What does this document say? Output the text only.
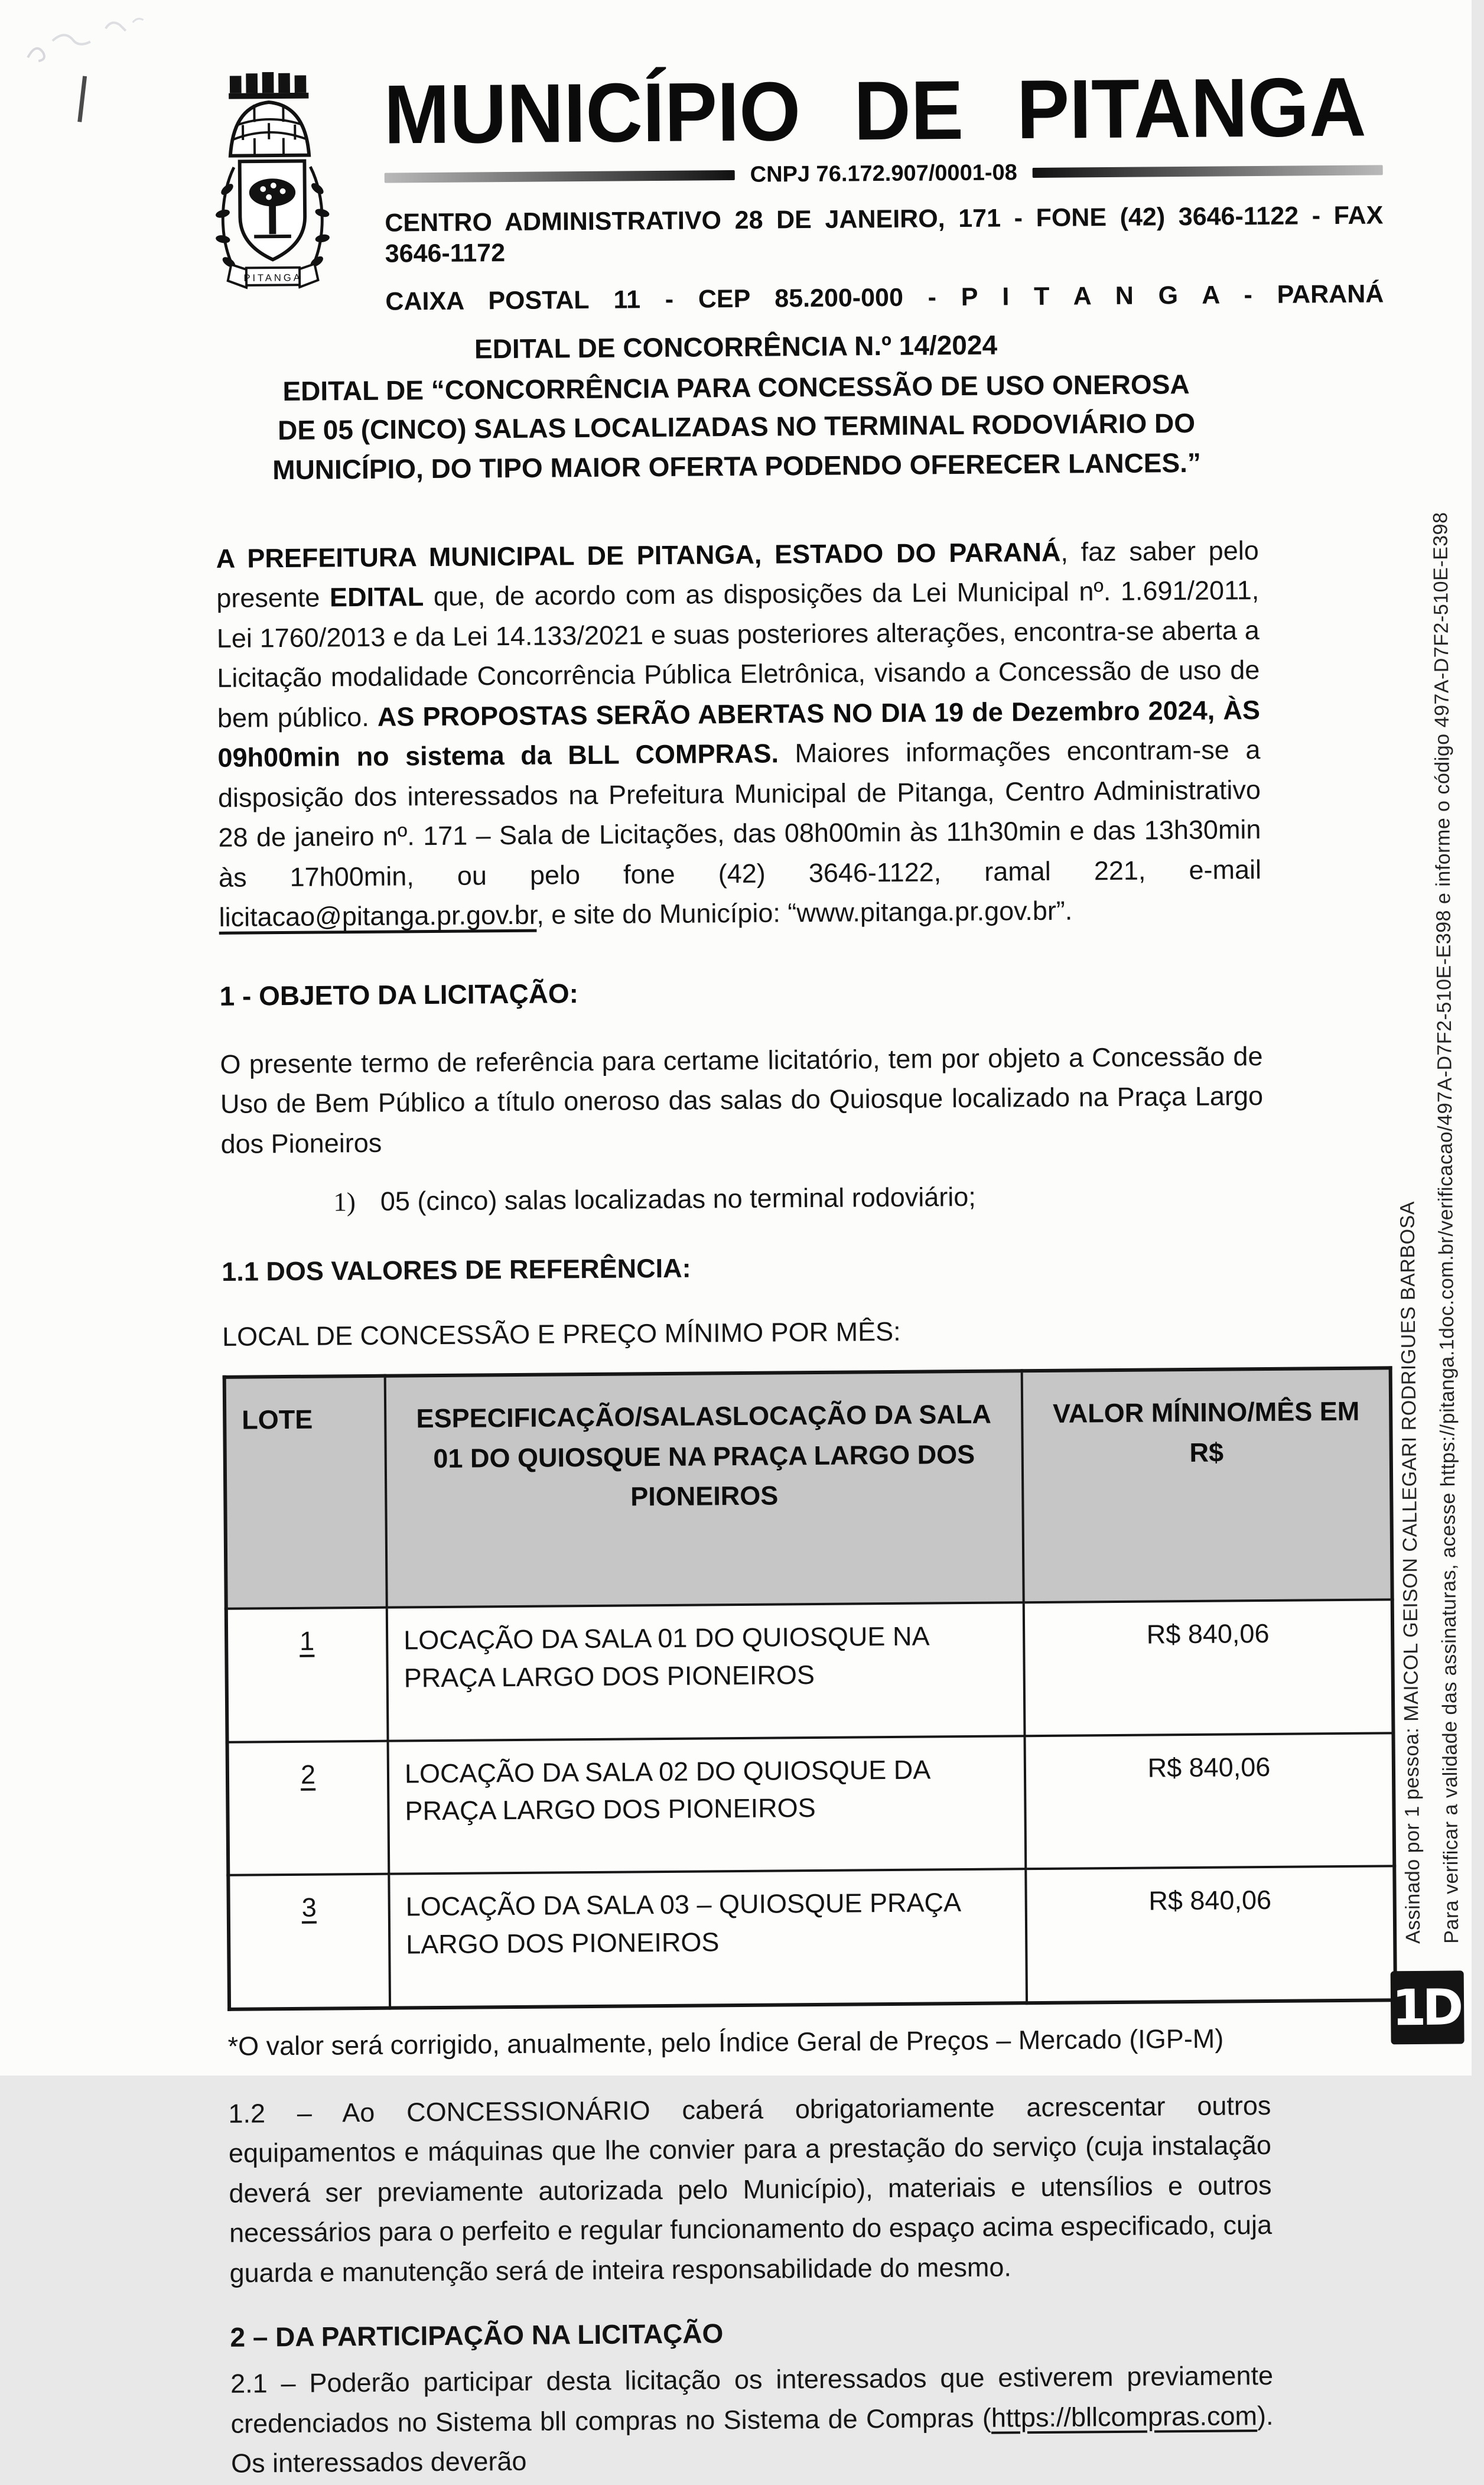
PITANGA
MUNICÍPIO DE PITANGA
CNPJ 76.172.907/0001-08
CENTRO ADMINISTRATIVO 28 DE JANEIRO, 171 - FONE (42) 3646-1122 - FAX 3646-1172
CAIXA POSTAL 11 - CEP 85.200-000 - P I T A N G A - PARANÁ
EDITAL DE CONCORRÊNCIA N.º 14/2024
EDITAL DE “CONCORRÊNCIA PARA CONCESSÃO DE USO ONEROSA DE 05 (CINCO) SALAS LOCALIZADAS NO TERMINAL RODOVIÁRIO DO MUNICÍPIO, DO TIPO MAIOR OFERTA PODENDO OFERECER LANCES.”

A PREFEITURA MUNICIPAL DE PITANGA, ESTADO DO PARANÁ, faz saber pelo presente EDITAL que, de acordo com as disposições da Lei Municipal nº. 1.691/2011, Lei 1760/2013 e da Lei 14.133/2021 e suas posteriores alterações, encontra-se aberta a Licitação modalidade Concorrência Pública Eletrônica, visando a Concessão de uso de bem público. AS PROPOSTAS SERÃO ABERTAS NO DIA 19 de Dezembro 2024, ÀS 09h00min no sistema da BLL COMPRAS. Maiores informações encontram-se a disposição dos interessados na Prefeitura Municipal de Pitanga, Centro Administrativo 28 de janeiro nº. 171 – Sala de Licitações, das 08h00min às 11h30min e das 13h30min às 17h00min, ou pelo fone (42) 3646-1122, ramal 221, e-mail licitacao@pitanga.pr.gov.br, e site do Município: “www.pitanga.pr.gov.br”.

1 - OBJETO DA LICITAÇÃO:

O presente termo de referência para certame licitatório, tem por objeto a Concessão de Uso de Bem Público a título oneroso das salas do Quiosque localizado na Praça Largo dos Pioneiros

1) 05 (cinco) salas localizadas no terminal rodoviário;

1.1 DOS VALORES DE REFERÊNCIA:

LOCAL DE CONCESSÃO E PREÇO MÍNIMO POR MÊS:

LOTE	ESPECIFICAÇÃO/SALASLOCAÇÃO DA SALA 01 DO QUIOSQUE NA PRAÇA LARGO DOS PIONEIROS	VALOR MÍNINO/MÊS EM R$
1	LOCAÇÃO DA SALA 01 DO QUIOSQUE NA PRAÇA LARGO DOS PIONEIROS	R$ 840,06
2	LOCAÇÃO DA SALA 02 DO QUIOSQUE DA PRAÇA LARGO DOS PIONEIROS	R$ 840,06
3	LOCAÇÃO DA SALA 03 – QUIOSQUE PRAÇA LARGO DOS PIONEIROS	R$ 840,06

*O valor será corrigido, anualmente, pelo Índice Geral de Preços – Mercado (IGP-M)

1.2 – Ao CONCESSIONÁRIO caberá obrigatoriamente acrescentar outros equipamentos e máquinas que lhe convier para a prestação do serviço (cuja instalação deverá ser previamente autorizada pelo Município), materiais e utensílios e outros necessários para o perfeito e regular funcionamento do espaço acima especificado, cuja guarda e manutenção será de inteira responsabilidade do mesmo.

2 – DA PARTICIPAÇÃO NA LICITAÇÃO

2.1 – Poderão participar desta licitação os interessados que estiverem previamente credenciados no Sistema bll compras no Sistema de Compras (https://bllcompras.com). Os interessados deverão

Assinado por 1 pessoa: MAICOL GEISON CALLEGARI RODRIGUES BARBOSA Para verificar a validade das assinaturas, acesse https://pitanga.1doc.com.br/verificacao/497A-D7F2-510E-E398 e informe o código 497A-D7F2-510E-E398
1D
